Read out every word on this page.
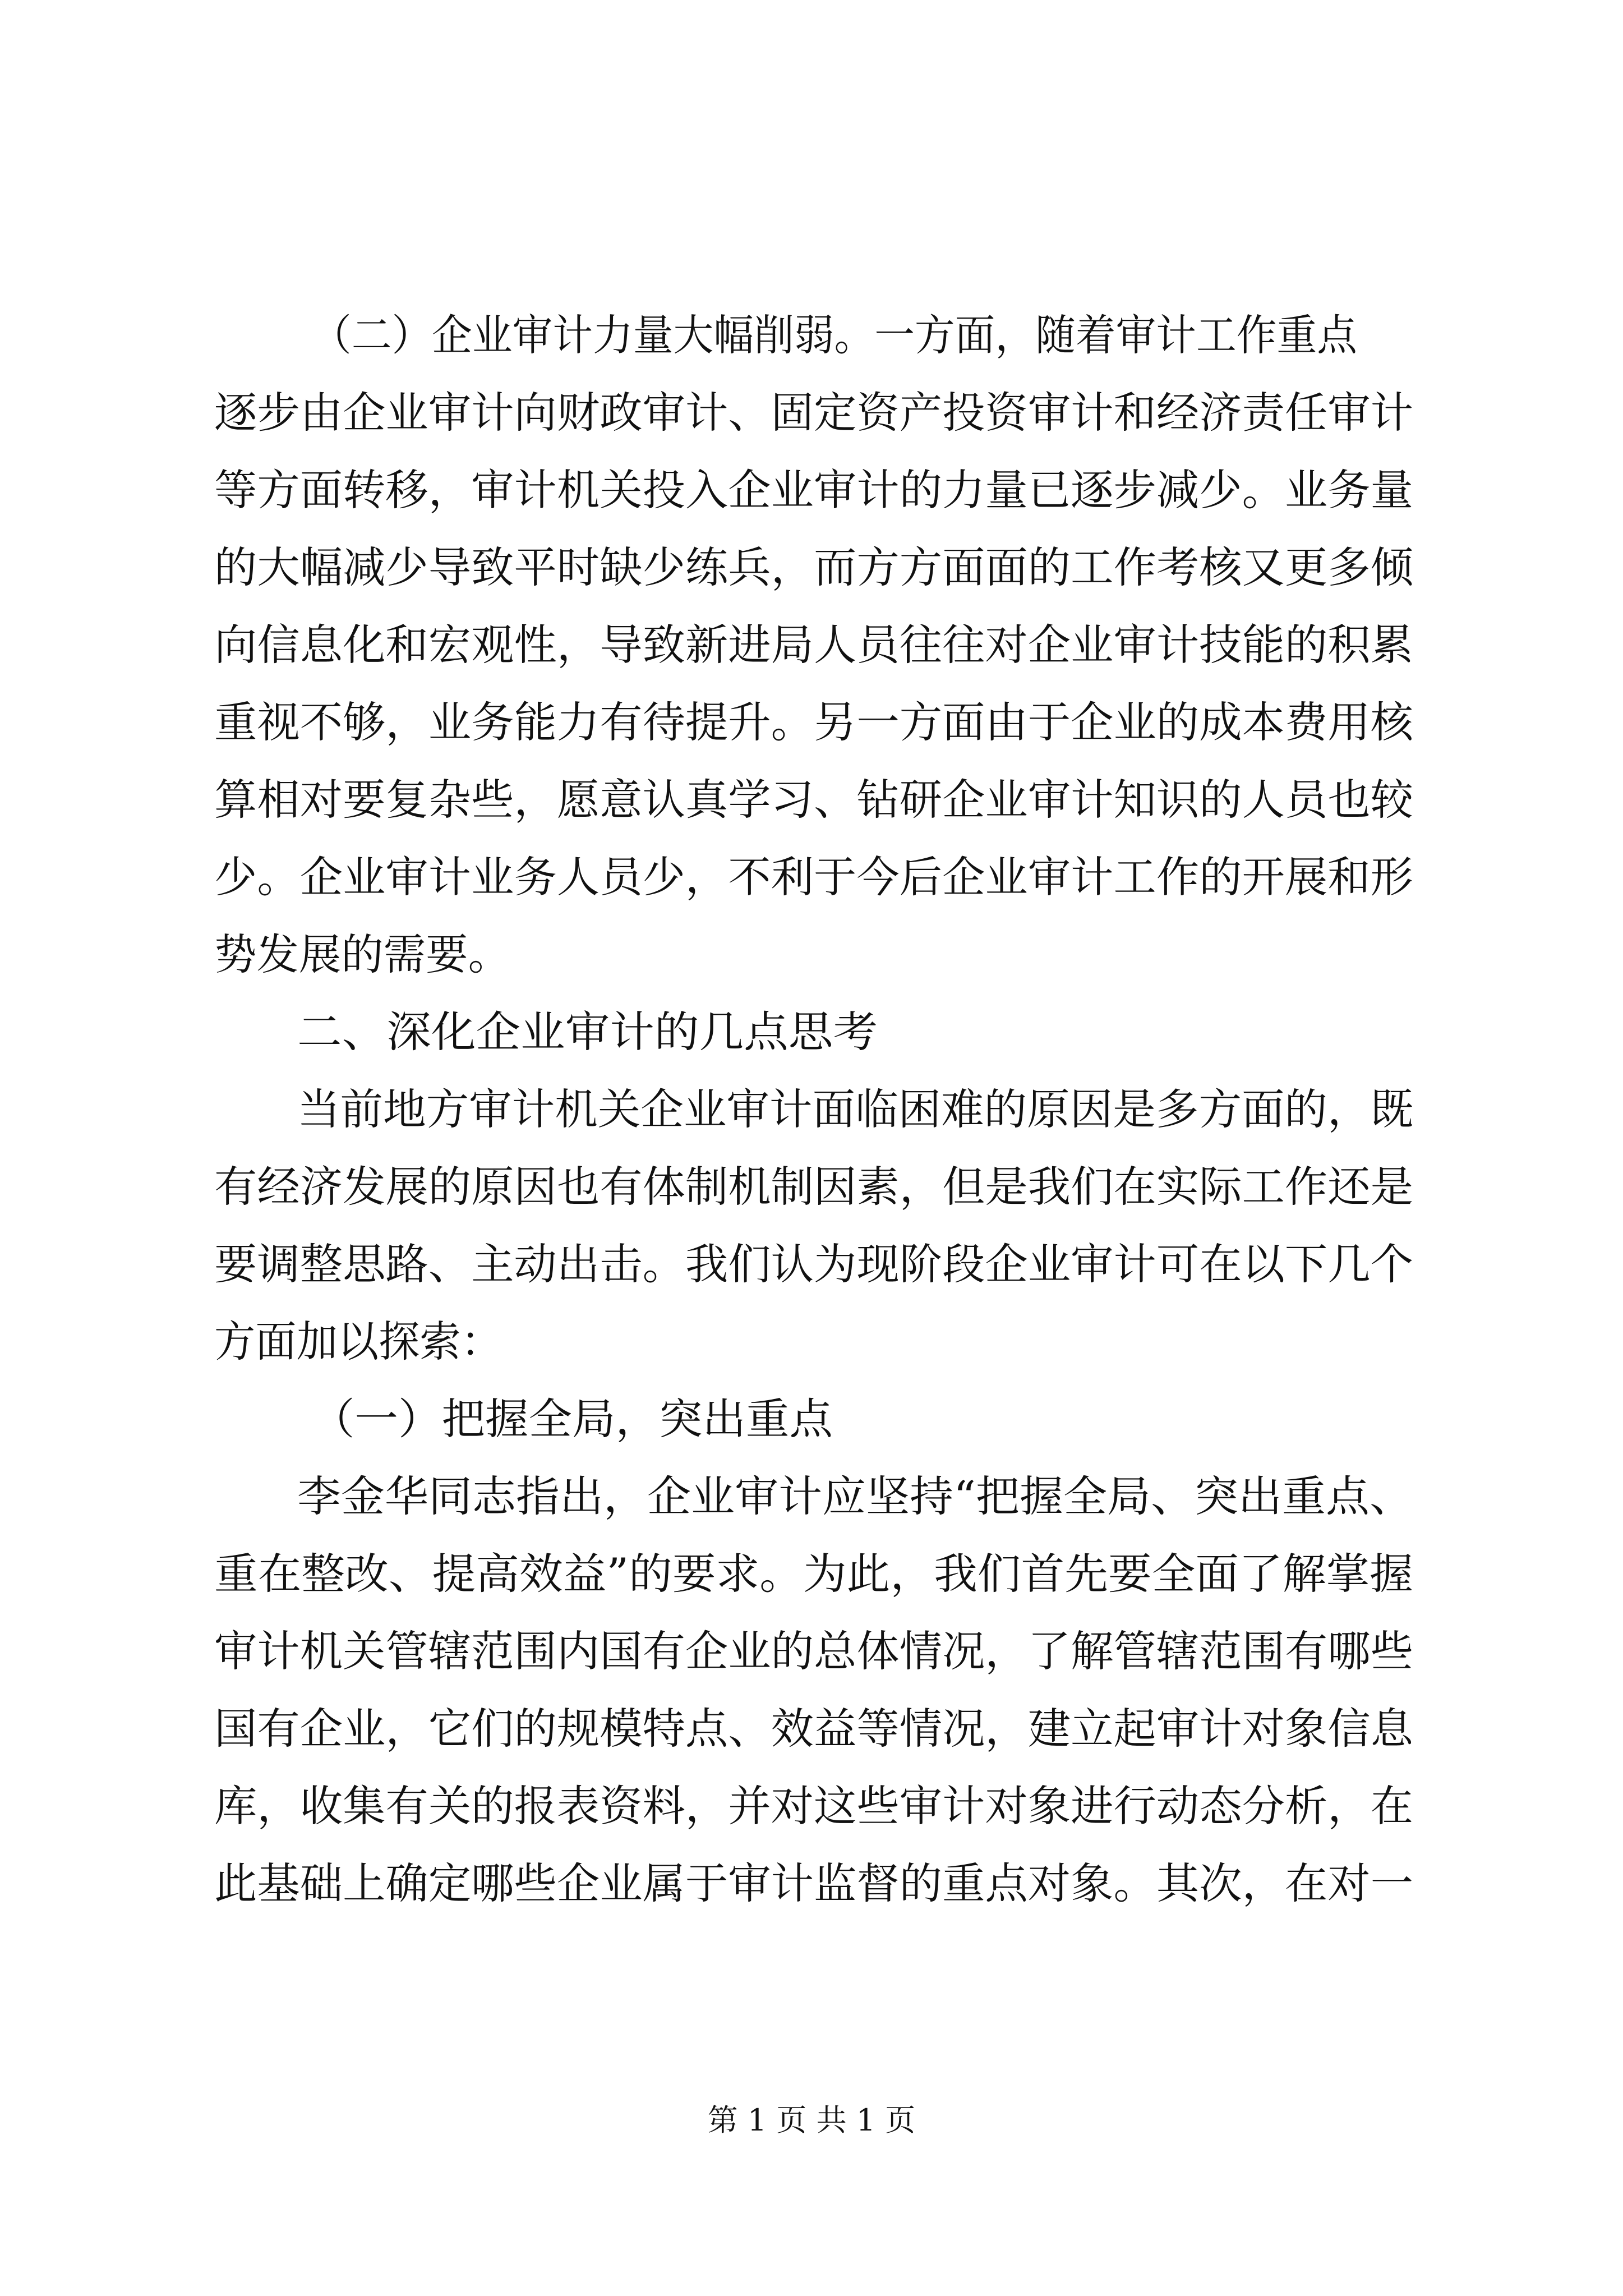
（二）企业审计力量大幅削弱。一方面，随着审计工作重点
逐步由企业审计向财政审计、固定资产投资审计和经济责任审计
等方面转移，审计机关投入企业审计的力量已逐步减少。业务量
的大幅减少导致平时缺少练兵，而方方面面的工作考核又更多倾
向信息化和宏观性，导致新进局人员往往对企业审计技能的积累
重视不够，业务能力有待提升。另一方面由于企业的成本费用核
算相对要复杂些，愿意认真学习、钻研企业审计知识的人员也较
少。企业审计业务人员少，不利于今后企业审计工作的开展和形
势发展的需要。
二、深化企业审计的几点思考
当前地方审计机关企业审计面临困难的原因是多方面的，既
有经济发展的原因也有体制机制因素，但是我们在实际工作还是
要调整思路、主动出击。我们认为现阶段企业审计可在以下几个
方面加以探索：
（一）把握全局，突出重点
李金华同志指出，企业审计应坚持“把握全局、突出重点、
重在整改、提高效益”的要求。为此，我们首先要全面了解掌握
审计机关管辖范围内国有企业的总体情况，了解管辖范围有哪些
国有企业，它们的规模特点、效益等情况，建立起审计对象信息
库，收集有关的报表资料，并对这些审计对象进行动态分析，在
此基础上确定哪些企业属于审计监督的重点对象。其次，在对一
第 1 页 共 1 页
